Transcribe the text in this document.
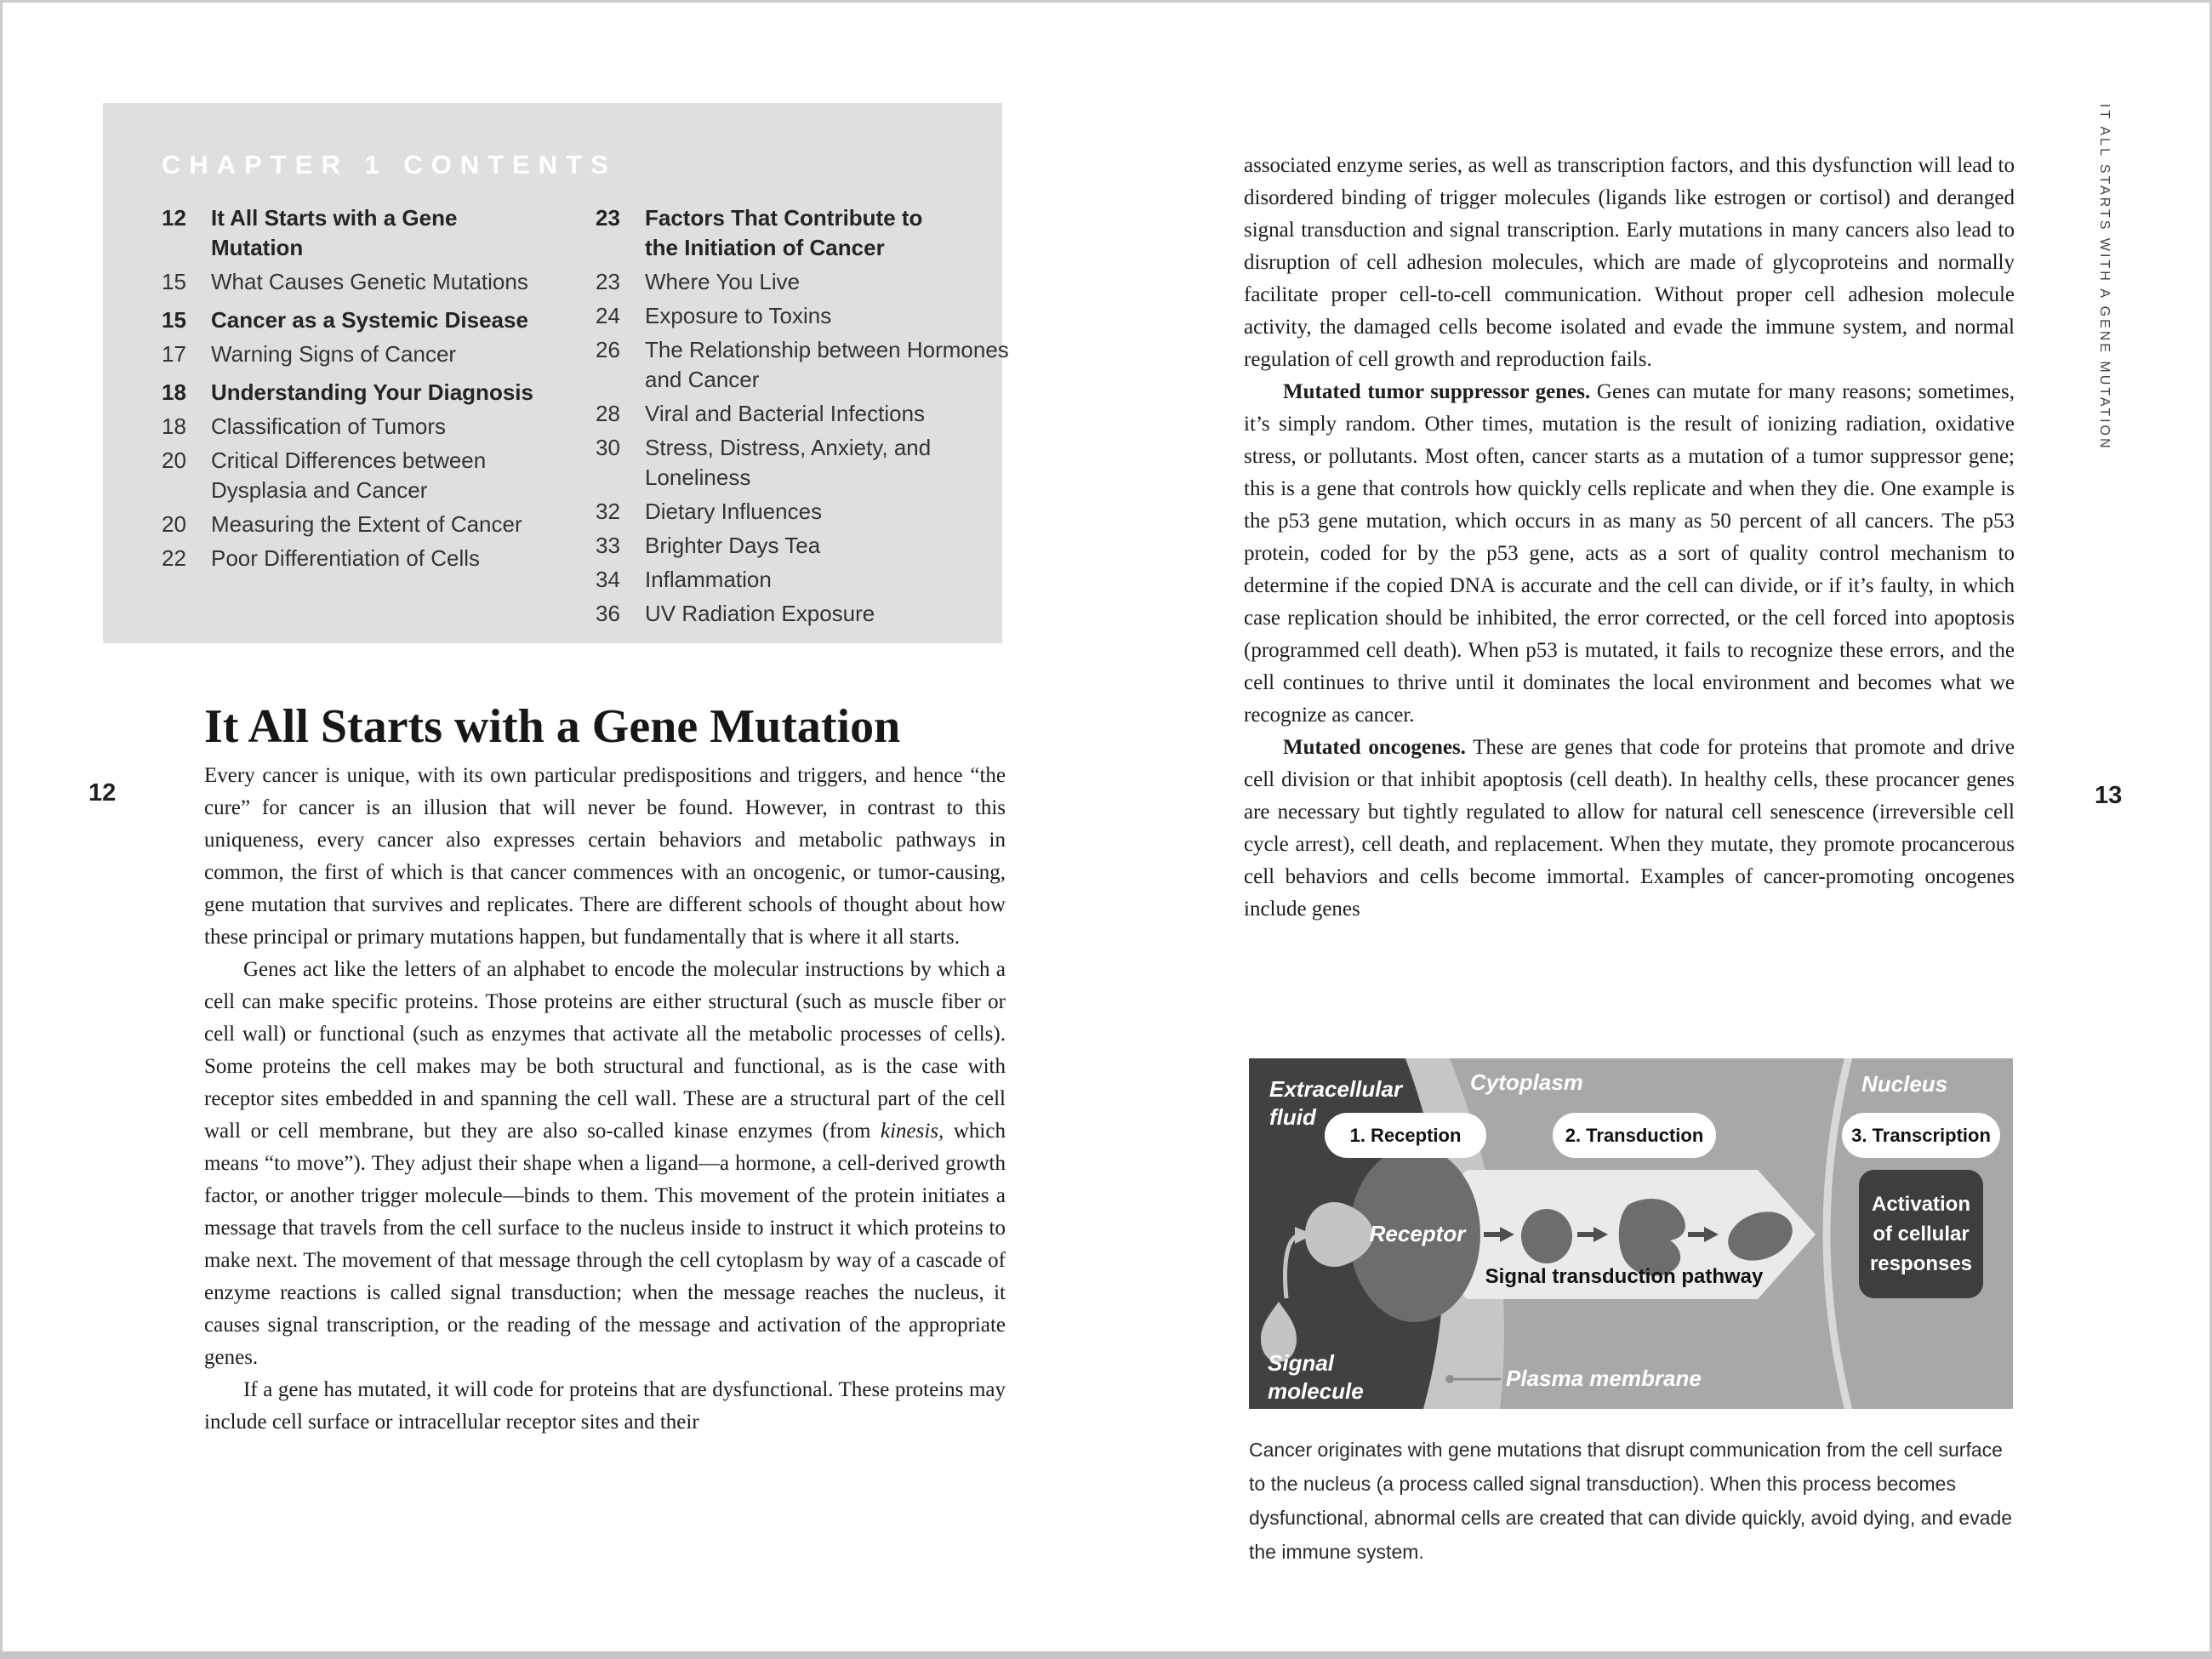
CHAPTER 1 CONTENTS
12	It All Starts with a Gene
Mutation
15	What Causes Genetic Mutations
15	Cancer as a Systemic Disease
17	Warning Signs of Cancer
18	Understanding Your Diagnosis
18	Classification of Tumors
20	Critical Differences between
Dysplasia and Cancer
20	Measuring the Extent of Cancer
22	Poor Differentiation of Cells
23	Factors That Contribute to
the Initiation of Cancer
23	Where You Live
24	Exposure to Toxins
26	The Relationship between Hormones
and Cancer
28	Viral and Bacterial Infections
30	Stress, Distress, Anxiety, and
Loneliness
32	Dietary Influences
33	Brighter Days Tea
34	Inflammation
36	UV Radiation Exposure
12	13
IT ALL STARTS WITH A GENE MUTATION
It All Starts with a Gene Mutation

Every cancer is unique, with its own particular predispositions and triggers, and hence “the cure” for cancer is an illusion that will never be found. However, in contrast to this uniqueness, every cancer also expresses certain behaviors and metabolic pathways in common, the first of which is that cancer commences with an oncogenic, or tumor-causing, gene mutation that survives and replicates. There are different schools of thought about how these principal or primary mutations happen, but fundamentally that is where it all starts.

Genes act like the letters of an alphabet to encode the molecular instructions by which a cell can make specific proteins. Those proteins are either structural (such as muscle fiber or cell wall) or functional (such as enzymes that activate all the metabolic processes of cells). Some proteins the cell makes may be both structural and functional, as is the case with receptor sites embedded in and spanning the cell wall. These are a structural part of the cell wall or cell membrane, but they are also so-called kinase enzymes (from kinesis, which means “to move”). They adjust their shape when a ligand—a hormone, a cell-derived growth factor, or another trigger molecule—binds to them. This movement of the protein initiates a message that travels from the cell surface to the nucleus inside to instruct it which proteins to make next. The movement of that message through the cell cytoplasm by way of a cascade of enzyme reactions is called signal transduction; when the message reaches the nucleus, it causes signal transcription, or the reading of the message and activation of the appropriate genes.

If a gene has mutated, it will code for proteins that are dysfunctional. These proteins may include cell surface or intracellular receptor sites and their

associated enzyme series, as well as transcription factors, and this dysfunction will lead to disordered binding of trigger molecules (ligands like estrogen or cortisol) and deranged signal transduction and signal transcription. Early mutations in many cancers also lead to disruption of cell adhesion molecules, which are made of glycoproteins and normally facilitate proper cell-to-cell communication. Without proper cell adhesion molecule activity, the damaged cells become isolated and evade the immune system, and normal regulation of cell growth and reproduction fails.

Mutated tumor suppressor genes. Genes can mutate for many reasons; sometimes, it’s simply random. Other times, mutation is the result of ionizing radiation, oxidative stress, or pollutants. Most often, cancer starts as a mutation of a tumor suppressor gene; this is a gene that controls how quickly cells replicate and when they die. One example is the p53 gene mutation, which occurs in as many as 50 percent of all cancers. The p53 protein, coded for by the p53 gene, acts as a sort of quality control mechanism to determine if the copied DNA is accurate and the cell can divide, or if it’s faulty, in which case replication should be inhibited, the error corrected, or the cell forced into apoptosis (programmed cell death). When p53 is mutated, it fails to recognize these errors, and the cell continues to thrive until it dominates the local environment and becomes what we recognize as cancer.

Mutated oncogenes. These are genes that code for proteins that promote and drive cell division or that inhibit apoptosis (cell death). In healthy cells, these procancer genes are necessary but tightly regulated to allow for natural cell senescence (irreversible cell cycle arrest), cell death, and replacement. When they mutate, they promote procancerous cell behaviors and cells become immortal. Examples of cancer-promoting oncogenes include genes

Extracellular fluid
Cytoplasm	Nucleus
1. Reception	2. Transduction	3. Transcription
Receptor
Signal transduction pathway
Activation of cellular responses
Signal molecule	Plasma membrane

Cancer originates with gene mutations that disrupt communication from the cell surface to the nucleus (a process called signal transduction). When this process becomes dysfunctional, abnormal cells are created that can divide quickly, avoid dying, and evade the immune system.
